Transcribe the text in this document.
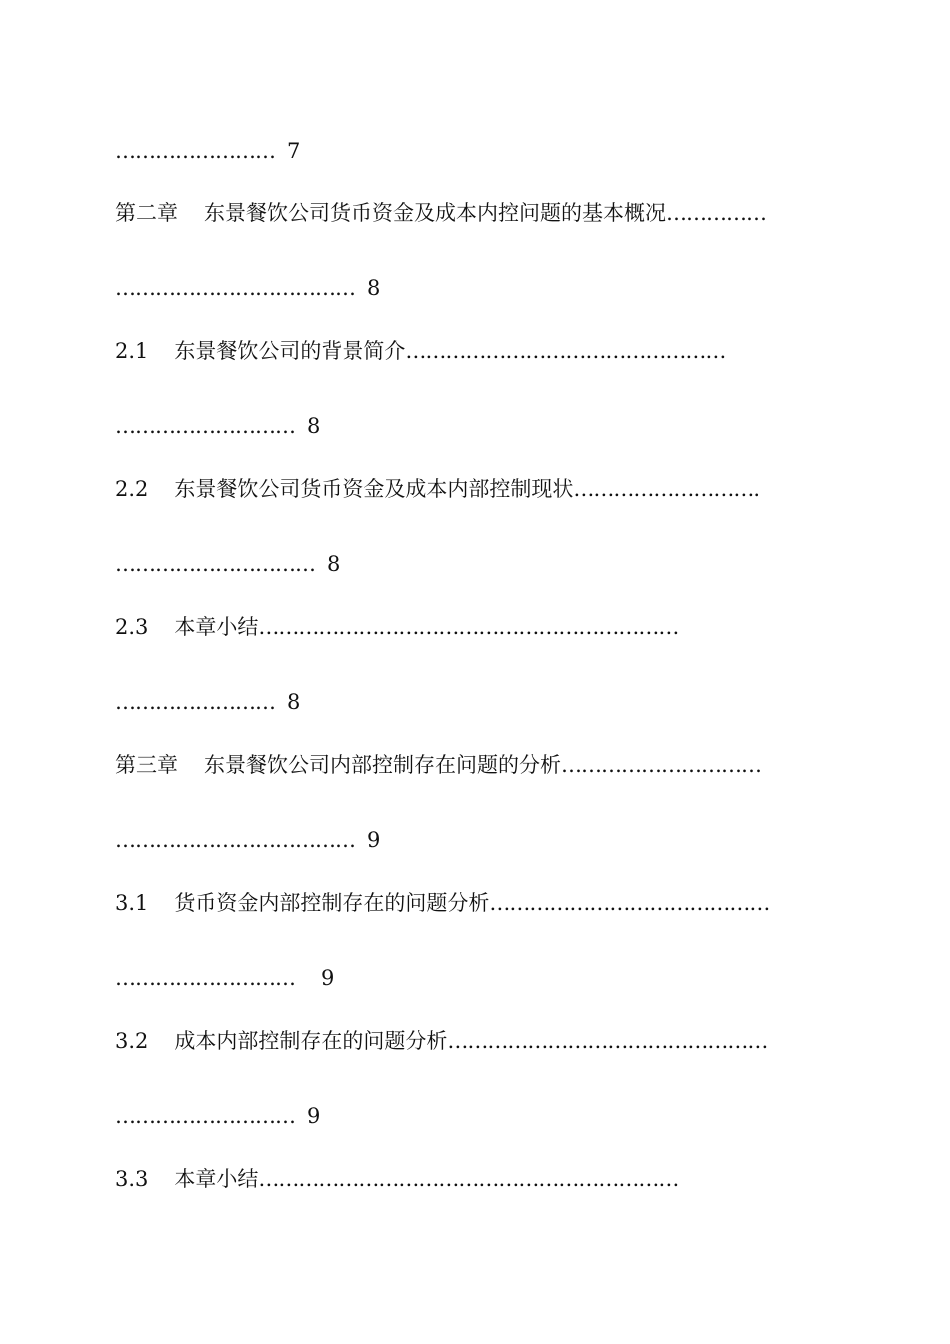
…………………… 7
第二章 东景餐饮公司货币资金及成本内控问题的基本概况……………
……………………………… 8
2.1 东景餐饮公司的背景简介…………………………………………
……………………… 8
2.2 东景餐饮公司货币资金及成本内部控制现状……………………….
………………………… 8
2.3 本章小结………………………………………………………
…………………… 8
第三章 东景餐饮公司内部控制存在问题的分析…………………………
……………………………… 9
3.1 货币资金内部控制存在的问题分析……………………………………
……………………… 9
3.2 成本内部控制存在的问题分析…………………………………………
……………………… 9
3.3 本章小结………………………………………………………
